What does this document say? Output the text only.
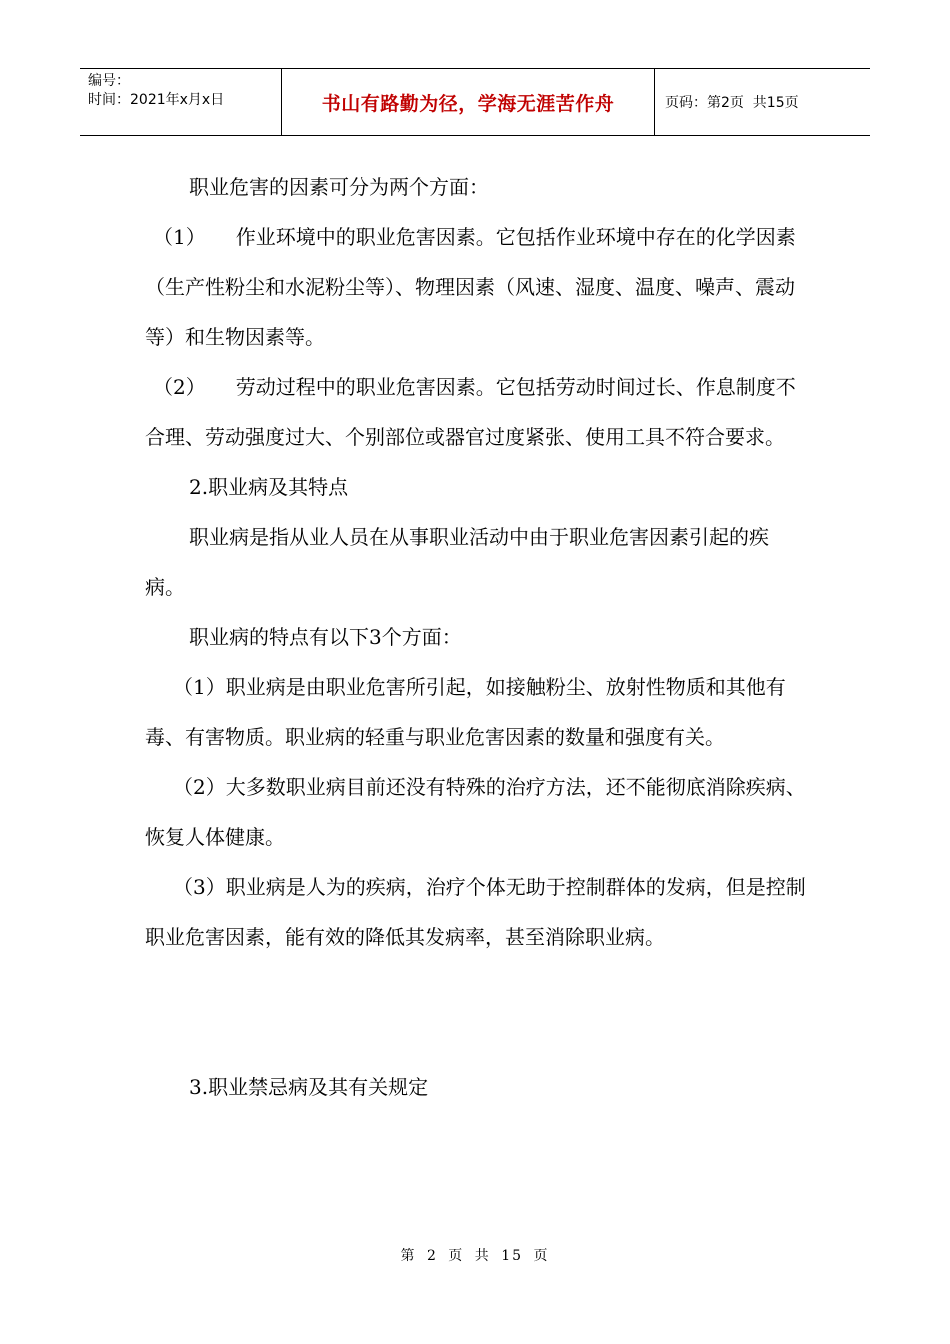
编号：
时间：2021年x月x日	书山有路勤为径，学海无涯苦作舟	页码：第2页  共15页

职业危害的因素可分为两个方面：

（1） 作业环境中的职业危害因素。它包括作业环境中存在的化学因素（生产性粉尘和水泥粉尘等）、物理因素（风速、湿度、温度、噪声、震动等）和生物因素等。

（2） 劳动过程中的职业危害因素。它包括劳动时间过长、作息制度不合理、劳动强度过大、个别部位或器官过度紧张、使用工具不符合要求。

2.职业病及其特点

职业病是指从业人员在从事职业活动中由于职业危害因素引起的疾病。

职业病的特点有以下3个方面：

（1）职业病是由职业危害所引起，如接触粉尘、放射性物质和其他有毒、有害物质。职业病的轻重与职业危害因素的数量和强度有关。

（2）大多数职业病目前还没有特殊的治疗方法，还不能彻底消除疾病、恢复人体健康。

（3）职业病是人为的疾病，治疗个体无助于控制群体的发病，但是控制职业危害因素，能有效的降低其发病率，甚至消除职业病。

3.职业禁忌病及其有关规定

第 2 页 共 15 页
